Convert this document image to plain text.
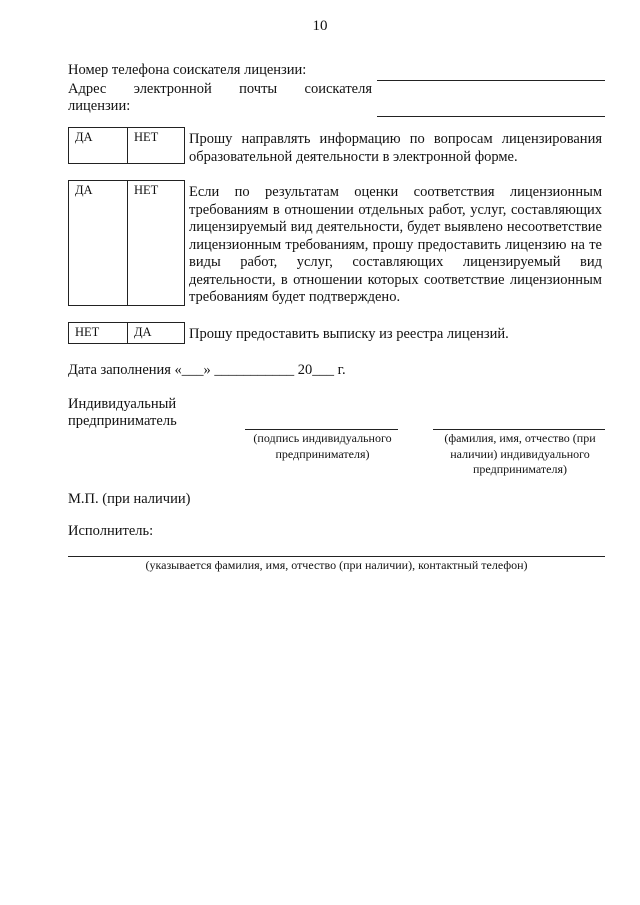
10
Номер телефона соискателя лицензии:
Адрес электронной почты соискателя
лицензии:
ДА	НЕТ	Прошу направлять информацию по вопросам лицензирования образовательной деятельности в электронной форме.
ДА	НЕТ	Если по результатам оценки соответствия лицензионным требованиям в отношении отдельных работ, услуг, составляющих лицензируемый вид деятельности, будет выявлено несоответствие лицензионным требованиям, прошу предоставить лицензию на те виды работ, услуг, составляющих лицензируемый вид деятельности, в отношении которых соответствие лицензионным требованиям будет подтверждено.
НЕТ	ДА	Прошу предоставить выписку из реестра лицензий.
Дата заполнения «___» ___________ 20___ г.
Индивидуальный
предприниматель
(подпись индивидуального предпринимателя)
(фамилия, имя, отчество (при наличии) индивидуального предпринимателя)
М.П. (при наличии)
Исполнитель:
(указывается фамилия, имя, отчество (при наличии), контактный телефон)
